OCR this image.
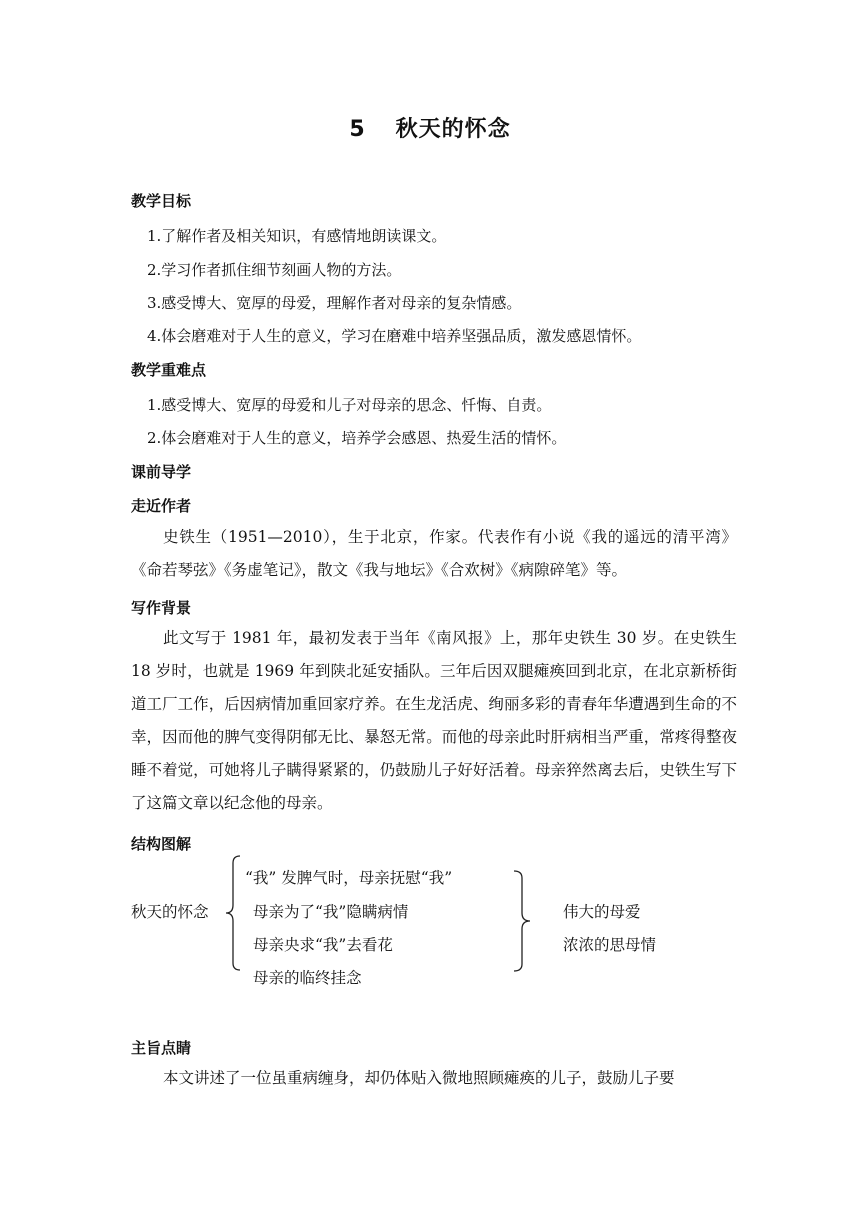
5 秋天的怀念
教学目标
1.了解作者及相关知识，有感情地朗读课文。
2.学习作者抓住细节刻画人物的方法。
3.感受博大、宽厚的母爱，理解作者对母亲的复杂情感。
4.体会磨难对于人生的意义，学习在磨难中培养坚强品质，激发感恩情怀。
教学重难点
1.感受博大、宽厚的母爱和儿子对母亲的思念、忏悔、自责。
2.体会磨难对于人生的意义，培养学会感恩、热爱生活的情怀。
课前导学
走近作者
史铁生（1951—2010），生于北京，作家。代表作有小说《我的遥远的清平湾》《命若琴弦》《务虚笔记》，散文《我与地坛》《合欢树》《病隙碎笔》等。
写作背景
此文写于 1981 年，最初发表于当年《南风报》上，那年史铁生 30 岁。在史铁生 18 岁时，也就是 1969 年到陕北延安插队。三年后因双腿瘫痪回到北京，在北京新桥街道工厂工作，后因病情加重回家疗养。在生龙活虎、绚丽多彩的青春年华遭遇到生命的不幸，因而他的脾气变得阴郁无比、暴怒无常。而他的母亲此时肝病相当严重，常疼得整夜睡不着觉，可她将儿子瞒得紧紧的，仍鼓励儿子好好活着。母亲猝然离去后，史铁生写下了这篇文章以纪念他的母亲。
结构图解
秋天的怀念
“我” 发脾气时，母亲抚慰“我”
母亲为了“我”隐瞒病情
母亲央求“我”去看花
母亲的临终挂念
伟大的母爱
浓浓的思母情
主旨点睛
本文讲述了一位虽重病缠身，却仍体贴入微地照顾瘫痪的儿子，鼓励儿子要
